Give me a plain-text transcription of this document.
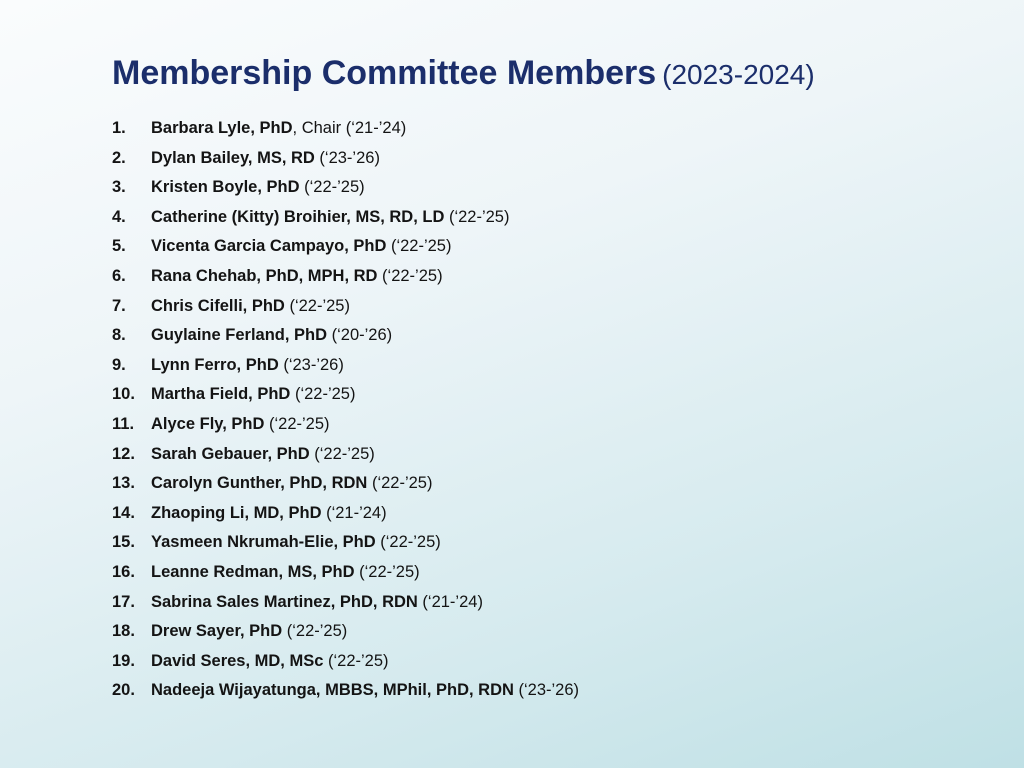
Membership Committee Members (2023-2024)
1.	Barbara Lyle, PhD, Chair (‘21-’24)
2.	Dylan Bailey, MS, RD (‘23-’26)
3.	Kristen Boyle, PhD (‘22-’25)
4.	Catherine (Kitty) Broihier, MS, RD, LD (‘22-’25)
5.	Vicenta Garcia Campayo, PhD (‘22-’25)
6.	Rana Chehab, PhD, MPH, RD (‘22-’25)
7.	Chris Cifelli, PhD (‘22-’25)
8.	Guylaine Ferland, PhD (‘20-’26)
9.	Lynn Ferro, PhD (‘23-’26)
10. Martha Field, PhD (‘22-’25)
11.	Alyce Fly, PhD (‘22-’25)
12. Sarah Gebauer, PhD (‘22-’25)
13. Carolyn Gunther, PhD, RDN (‘22-’25)
14. Zhaoping Li, MD, PhD (‘21-’24)
15. Yasmeen Nkrumah-Elie, PhD (‘22-’25)
16. Leanne Redman, MS, PhD (‘22-’25)
17. Sabrina Sales Martinez, PhD, RDN (‘21-’24)
18. Drew Sayer, PhD (‘22-’25)
19. David Seres, MD, MSc (‘22-’25)
20. Nadeeja Wijayatunga, MBBS, MPhil, PhD, RDN (‘23-’26)
